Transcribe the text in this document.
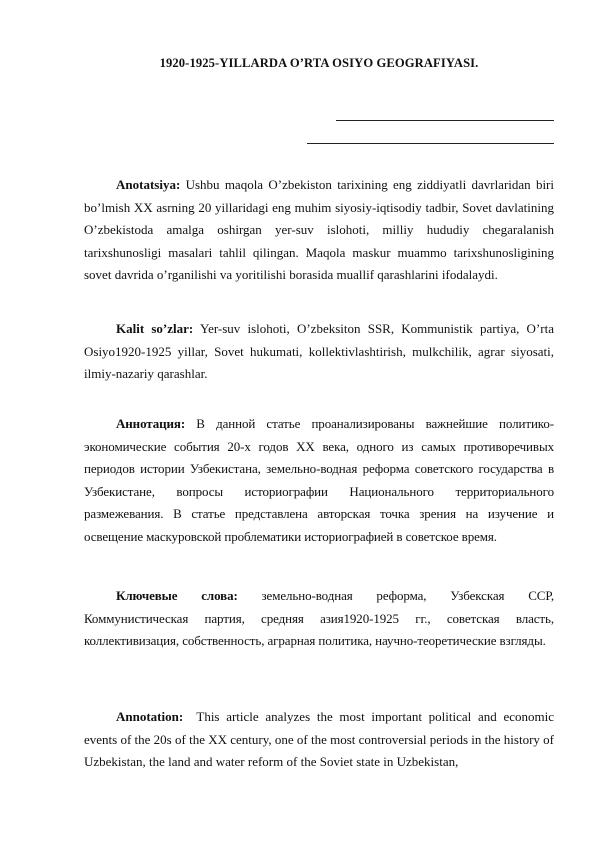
1920-1925-YILLARDA O’RTA OSIYO GEOGRAFIYASI.

Anotatsiya: Ushbu maqola O’zbekiston tarixining eng ziddiyatli davrlaridan biri bo’lmish XX asrning 20 yillaridagi eng muhim siyosiy-iqtisodiy tadbir, Sovet davlatining O’zbekistoda amalga oshirgan yer-suv islohoti, milliy hududiy chegaralanish tarixshunosligi masalari tahlil qilingan. Maqola maskur muammo tarixshunosligining sovet davrida o’rganilishi va yoritilishi borasida muallif qarashlarini ifodalaydi.

Kalit so’zlar: Yer-suv islohoti, O’zbeksiton SSR, Kommunistik partiya, O’rta Osiyo1920-1925 yillar, Sovet hukumati, kollektivlashtirish, mulkchilik, agrar siyosati, ilmiy-nazariy qarashlar.

Аннотация: В данной статье проанализированы важнейшие политико-экономические события 20-х годов XX века, одного из самых противоречивых периодов истории Узбекистана, земельно-водная реформа советского государства в Узбекистане, вопросы историографии Национального территориального размежевания. В статье представлена авторская точка зрения на изучение и освещение маскуровской проблематики историографией в советское время.

Ключевые слова: земельно-водная реформа, Узбекская ССР, Коммунистическая партия, средняя азия1920-1925 гг., советская власть, коллективизация, собственность, аграрная политика, научно-теоретические взгляды.

Annotation: This article analyzes the most important political and economic events of the 20s of the XX century, one of the most controversial periods in the history of Uzbekistan, the land and water reform of the Soviet state in Uzbekistan,
